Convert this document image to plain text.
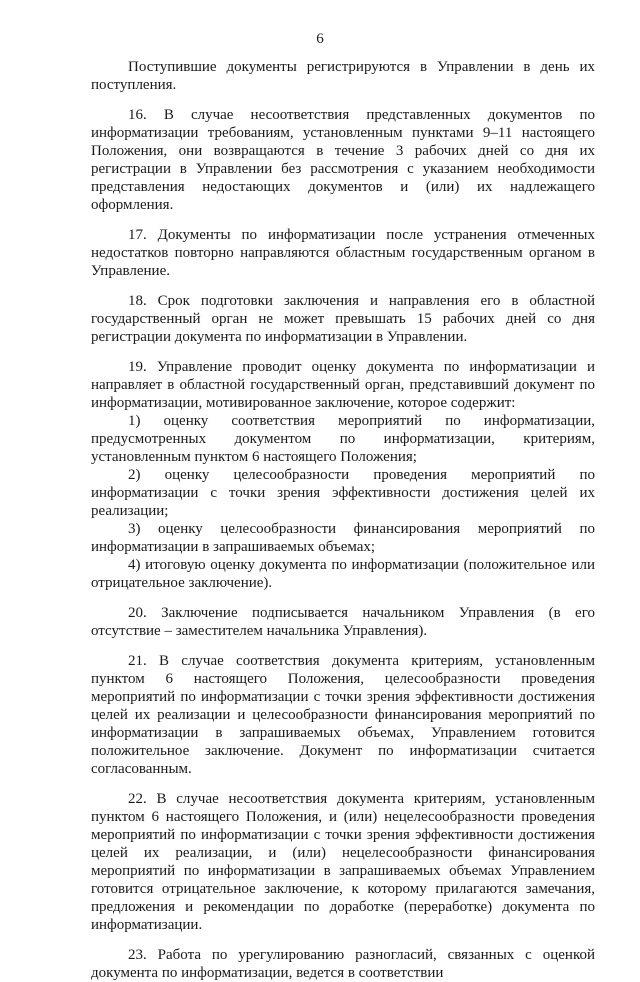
6

Поступившие документы регистрируются в Управлении в день их поступления.

16. В случае несоответствия представленных документов по информатизации требованиям, установленным пунктами 9–11 настоящего Положения, они возвращаются в течение 3 рабочих дней со дня их регистрации в Управлении без рассмотрения с указанием необходимости представления недостающих документов и (или) их надлежащего оформления.

17. Документы по информатизации после устранения отмеченных недостатков повторно направляются областным государственным органом в Управление.

18. Срок подготовки заключения и направления его в областной государственный орган не может превышать 15 рабочих дней со дня регистрации документа по информатизации в Управлении.

19. Управление проводит оценку документа по информатизации и направляет в областной государственный орган, представивший документ по информатизации, мотивированное заключение, которое содержит:

1) оценку соответствия мероприятий по информатизации, предусмотренных документом по информатизации, критериям, установленным пунктом 6 настоящего Положения;

2) оценку целесообразности проведения мероприятий по информатизации с точки зрения эффективности достижения целей их реализации;

3) оценку целесообразности финансирования мероприятий по информатизации в запрашиваемых объемах;

4) итоговую оценку документа по информатизации (положительное или отрицательное заключение).

20. Заключение подписывается начальником Управления (в его отсутствие – заместителем начальника Управления).

21. В случае соответствия документа критериям, установленным пунктом 6 настоящего Положения, целесообразности проведения мероприятий по информатизации с точки зрения эффективности достижения целей их реализации и целесообразности финансирования мероприятий по информатизации в запрашиваемых объемах, Управлением готовится положительное заключение. Документ по информатизации считается согласованным.

22. В случае несоответствия документа критериям, установленным пунктом 6 настоящего Положения, и (или) нецелесообразности проведения мероприятий по информатизации с точки зрения эффективности достижения целей их реализации, и (или) нецелесообразности финансирования мероприятий по информатизации в запрашиваемых объемах Управлением готовится отрицательное заключение, к которому прилагаются замечания, предложения и рекомендации по доработке (переработке) документа по информатизации.

23. Работа по урегулированию разногласий, связанных с оценкой документа по информатизации, ведется в соответствии
